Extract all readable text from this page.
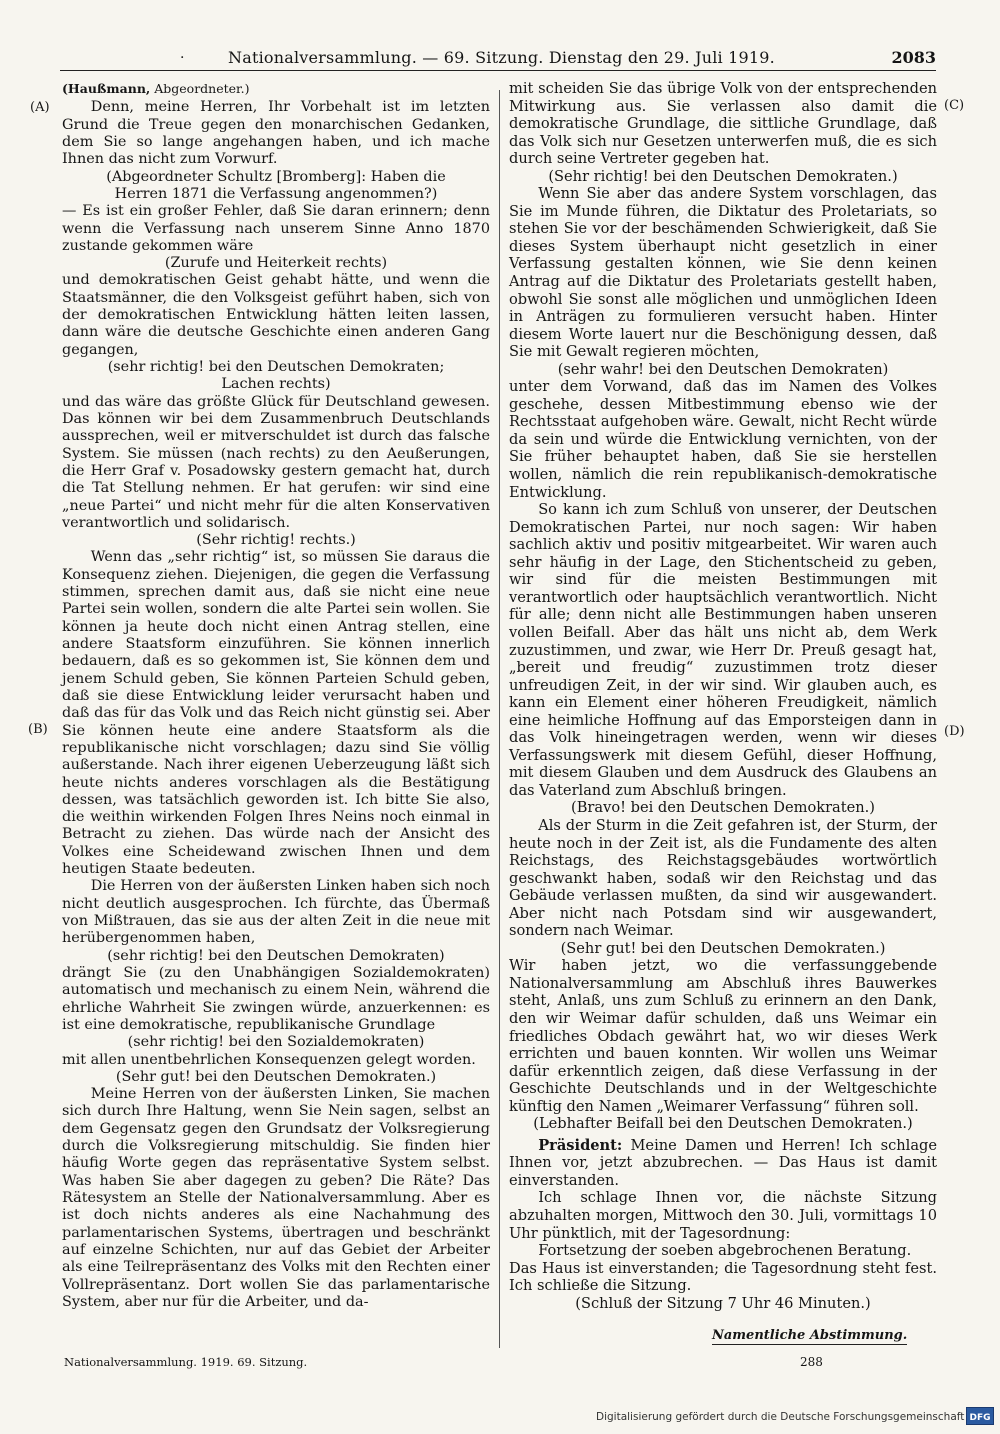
·	Nationalversammlung. — 69. Sitzung. Dienstag den 29. Juli 1919.	2083
(A)
(B)
(C)
(D)

(Haußmann, Abgeordneter.)

Denn, meine Herren, Ihr Vorbehalt ist im letzten Grund die Treue gegen den monarchischen Gedanken, dem Sie so lange angehangen haben, und ich mache Ihnen das nicht zum Vorwurf.

(Abgeordneter Schultz [Bromberg]: Haben die

Herren 1871 die Verfassung angenommen?)

— Es ist ein großer Fehler, daß Sie daran erinnern; denn wenn die Verfassung nach unserem Sinne Anno 1870 zustande gekommen wäre

(Zurufe und Heiterkeit rechts)

und demokratischen Geist gehabt hätte, und wenn die Staatsmänner, die den Volksgeist geführt haben, sich von der demokratischen Entwicklung hätten leiten lassen, dann wäre die deutsche Geschichte einen anderen Gang gegangen,

(sehr richtig! bei den Deutschen Demokraten;

Lachen rechts)

und das wäre das größte Glück für Deutschland gewesen. Das können wir bei dem Zusammenbruch Deutschlands aussprechen, weil er mitverschuldet ist durch das falsche System. Sie müssen (nach rechts) zu den Aeußerungen, die Herr Graf v. Posadowsky gestern gemacht hat, durch die Tat Stellung nehmen. Er hat gerufen: wir sind eine „neue Partei“ und nicht mehr für die alten Konservativen verantwortlich und solidarisch.

(Sehr richtig! rechts.)

Wenn das „sehr richtig“ ist, so müssen Sie daraus die Konsequenz ziehen. Diejenigen, die gegen die Verfassung stimmen, sprechen damit aus, daß sie nicht eine neue Partei sein wollen, sondern die alte Partei sein wollen. Sie können ja heute doch nicht einen Antrag stellen, eine andere Staatsform einzuführen. Sie können innerlich bedauern, daß es so gekommen ist, Sie können dem und jenem Schuld geben, Sie können Parteien Schuld geben, daß sie diese Entwicklung leider verursacht haben und daß das für das Volk und das Reich nicht günstig sei. Aber Sie können heute eine andere Staatsform als die republikanische nicht vorschlagen; dazu sind Sie völlig außerstande. Nach ihrer eigenen Ueberzeugung läßt sich heute nichts anderes vorschlagen als die Bestätigung dessen, was tatsächlich geworden ist. Ich bitte Sie also, die weithin wirkenden Folgen Ihres Neins noch einmal in Betracht zu ziehen. Das würde nach der Ansicht des Volkes eine Scheidewand zwischen Ihnen und dem heutigen Staate bedeuten.

Die Herren von der äußersten Linken haben sich noch nicht deutlich ausgesprochen. Ich fürchte, das Übermaß von Mißtrauen, das sie aus der alten Zeit in die neue mit herübergenommen haben,

(sehr richtig! bei den Deutschen Demokraten)

drängt Sie (zu den Unabhängigen Sozialdemokraten) automatisch und mechanisch zu einem Nein, während die ehrliche Wahrheit Sie zwingen würde, anzuerkennen: es ist eine demokratische, republikanische Grundlage

(sehr richtig! bei den Sozialdemokraten)

mit allen unentbehrlichen Konsequenzen gelegt worden.

(Sehr gut! bei den Deutschen Demokraten.)

Meine Herren von der äußersten Linken, Sie machen sich durch Ihre Haltung, wenn Sie Nein sagen, selbst an dem Gegensatz gegen den Grundsatz der Volksregierung durch die Volksregierung mitschuldig. Sie finden hier häufig Worte gegen das repräsentative System selbst. Was haben Sie aber dagegen zu geben? Die Räte? Das Rätesystem an Stelle der Nationalversammlung. Aber es ist doch nichts anderes als eine Nachahmung des parlamentarischen Systems, übertragen und beschränkt auf einzelne Schichten, nur auf das Gebiet der Arbeiter als eine Teilrepräsentanz des Volks mit den Rechten einer Vollrepräsentanz. Dort wollen Sie das parlamentarische System, aber nur für die Arbeiter, und da-

mit scheiden Sie das übrige Volk von der entsprechenden Mitwirkung aus. Sie verlassen also damit die demokratische Grundlage, die sittliche Grundlage, daß das Volk sich nur Gesetzen unterwerfen muß, die es sich durch seine Vertreter gegeben hat.

(Sehr richtig! bei den Deutschen Demokraten.)

Wenn Sie aber das andere System vorschlagen, das Sie im Munde führen, die Diktatur des Proletariats, so stehen Sie vor der beschämenden Schwierigkeit, daß Sie dieses System überhaupt nicht gesetzlich in einer Verfassung gestalten können, wie Sie denn keinen Antrag auf die Diktatur des Proletariats gestellt haben, obwohl Sie sonst alle möglichen und unmöglichen Ideen in Anträgen zu formulieren versucht haben. Hinter diesem Worte lauert nur die Beschönigung dessen, daß Sie mit Gewalt regieren möchten,

(sehr wahr! bei den Deutschen Demokraten)

unter dem Vorwand, daß das im Namen des Volkes geschehe, dessen Mitbestimmung ebenso wie der Rechtsstaat aufgehoben wäre. Gewalt, nicht Recht würde da sein und würde die Entwicklung vernichten, von der Sie früher behauptet haben, daß Sie sie herstellen wollen, nämlich die rein republikanisch-demokratische Entwicklung.

So kann ich zum Schluß von unserer, der Deutschen Demokratischen Partei, nur noch sagen: Wir haben sachlich aktiv und positiv mitgearbeitet. Wir waren auch sehr häufig in der Lage, den Stichentscheid zu geben, wir sind für die meisten Bestimmungen mit verantwortlich oder hauptsächlich verantwortlich. Nicht für alle; denn nicht alle Bestimmungen haben unseren vollen Beifall. Aber das hält uns nicht ab, dem Werk zuzustimmen, und zwar, wie Herr Dr. Preuß gesagt hat, „bereit und freudig“ zuzustimmen trotz dieser unfreudigen Zeit, in der wir sind. Wir glauben auch, es kann ein Element einer höheren Freudigkeit, nämlich eine heimliche Hoffnung auf das Emporsteigen dann in das Volk hineingetragen werden, wenn wir dieses Verfassungswerk mit diesem Gefühl, dieser Hoffnung, mit diesem Glauben und dem Ausdruck des Glaubens an das Vaterland zum Abschluß bringen.

(Bravo! bei den Deutschen Demokraten.)

Als der Sturm in die Zeit gefahren ist, der Sturm, der heute noch in der Zeit ist, als die Fundamente des alten Reichstags, des Reichstagsgebäudes wortwörtlich geschwankt haben, sodaß wir den Reichstag und das Gebäude verlassen mußten, da sind wir ausgewandert. Aber nicht nach Potsdam sind wir ausgewandert, sondern nach Weimar.

(Sehr gut! bei den Deutschen Demokraten.)

Wir haben jetzt, wo die verfassunggebende Nationalversammlung am Abschluß ihres Bauwerkes steht, Anlaß, uns zum Schluß zu erinnern an den Dank, den wir Weimar dafür schulden, daß uns Weimar ein friedliches Obdach gewährt hat, wo wir dieses Werk errichten und bauen konnten. Wir wollen uns Weimar dafür erkenntlich zeigen, daß diese Verfassung in der Geschichte Deutschlands und in der Weltgeschichte künftig den Namen „Weimarer Verfassung“ führen soll.

(Lebhafter Beifall bei den Deutschen Demokraten.)

Präsident: Meine Damen und Herren! Ich schlage Ihnen vor, jetzt abzubrechen. — Das Haus ist damit einverstanden.

Ich schlage Ihnen vor, die nächste Sitzung abzuhalten morgen, Mittwoch den 30. Juli, vormittags 10 Uhr pünktlich, mit der Tagesordnung:

Fortsetzung der soeben abgebrochenen Beratung.

Das Haus ist einverstanden; die Tagesordnung steht fest. Ich schließe die Sitzung.

(Schluß der Sitzung 7 Uhr 46 Minuten.)

Namentliche Abstimmung.
Nationalversammlung. 1919. 69. Sitzung.	288
Digitalisierung gefördert durch die Deutsche Forschungsgemeinschaft DFG
